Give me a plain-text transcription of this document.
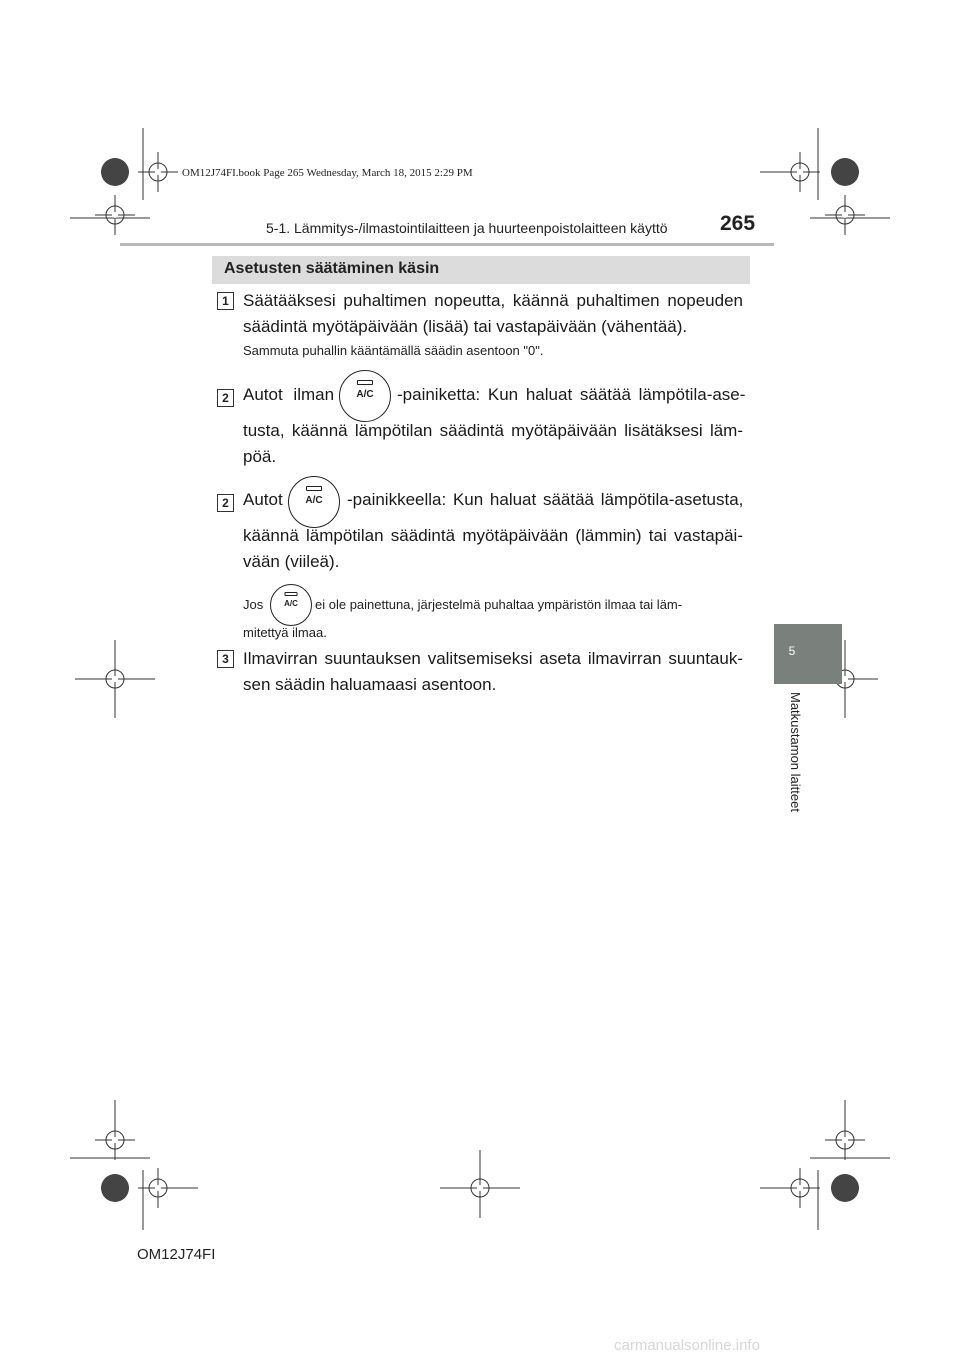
OM12J74FI.book Page 265 Wednesday, March 18, 2015 2:29 PM
5-1. Lämmitys-/ilmastointilaitteen ja huurteenpoistolaitteen käyttö 265
Asetusten säätäminen käsin
1 Säätääksesi puhaltimen nopeutta, käännä puhaltimen nopeuden säädintä myötäpäivään (lisää) tai vastapäivään (vähentää).
Sammuta puhallin kääntämällä säädin asentoon "0".
2 Autot ilman	A/C	-painiketta: Kun haluat säätää lämpötila-ase-
tusta, käännä lämpötilan säädintä myötäpäivään lisätäksesi läm-pöä.
2 Autot	A/C	-painikkeella: Kun haluat säätää lämpötila-asetusta,
käännä lämpötilan säädintä myötäpäivään (lämmin) tai vastapäi-vään (viileä).
Jos	A/C	ei ole painettuna, järjestelmä puhaltaa ympäristön ilmaa tai läm-
mitettyä ilmaa.
3 Ilmavirran suuntauksen valitsemiseksi aseta ilmavirran suuntauk-sen säädin haluamaasi asentoon.
5
Matkustamon laitteet
OM12J74FI
carmanualsonline.info
